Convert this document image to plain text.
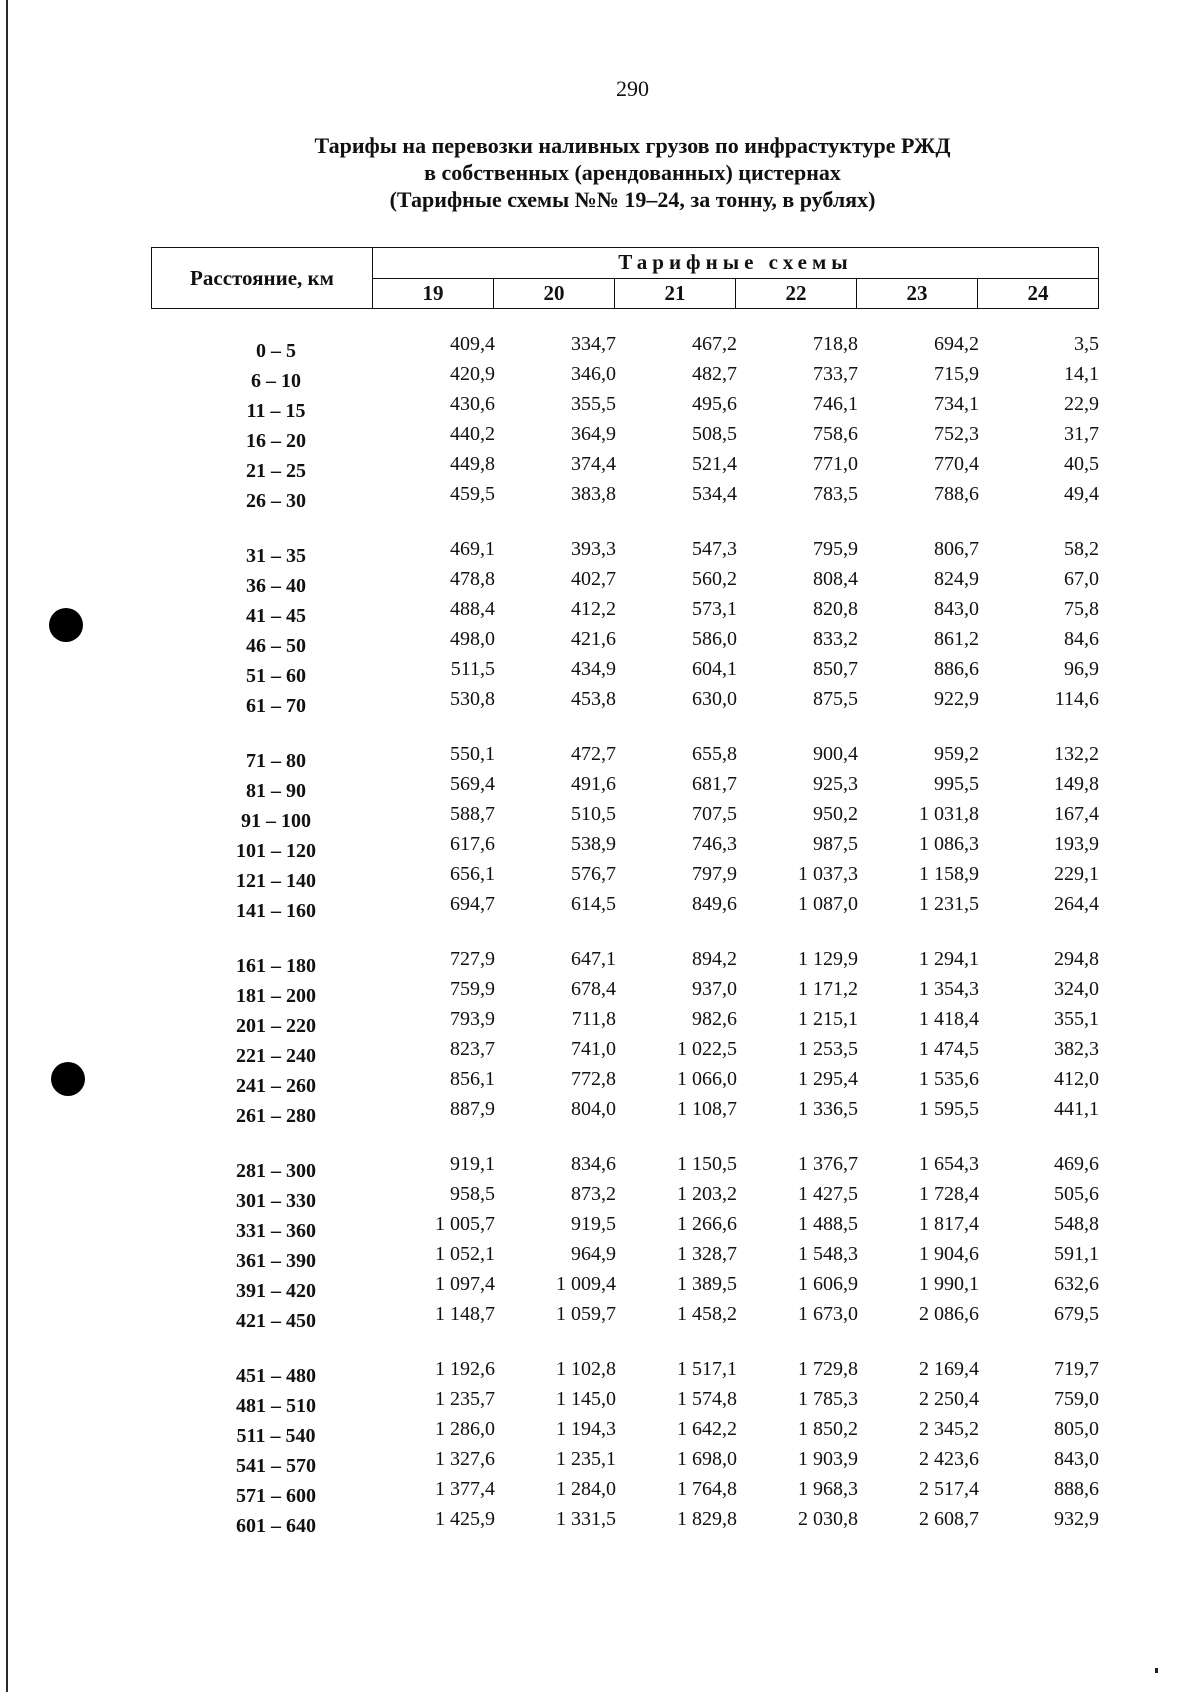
290
Тарифы на перевозки наливных грузов по инфрастуктуре РЖД
в собственных (арендованных) цистернах
(Тарифные схемы №№ 19–24, за тонну, в рублях)
Расстояние, км	Тарифные схемы					
	19	20	21	22	23	24
0 – 5	409,4	334,7	467,2	718,8	694,2	3,5
6 – 10	420,9	346,0	482,7	733,7	715,9	14,1
11 – 15	430,6	355,5	495,6	746,1	734,1	22,9
16 – 20	440,2	364,9	508,5	758,6	752,3	31,7
21 – 25	449,8	374,4	521,4	771,0	770,4	40,5
26 – 30	459,5	383,8	534,4	783,5	788,6	49,4
31 – 35	469,1	393,3	547,3	795,9	806,7	58,2
36 – 40	478,8	402,7	560,2	808,4	824,9	67,0
41 – 45	488,4	412,2	573,1	820,8	843,0	75,8
46 – 50	498,0	421,6	586,0	833,2	861,2	84,6
51 – 60	511,5	434,9	604,1	850,7	886,6	96,9
61 – 70	530,8	453,8	630,0	875,5	922,9	114,6
71 – 80	550,1	472,7	655,8	900,4	959,2	132,2
81 – 90	569,4	491,6	681,7	925,3	995,5	149,8
91 – 100	588,7	510,5	707,5	950,2	1 031,8	167,4
101 – 120	617,6	538,9	746,3	987,5	1 086,3	193,9
121 – 140	656,1	576,7	797,9	1 037,3	1 158,9	229,1
141 – 160	694,7	614,5	849,6	1 087,0	1 231,5	264,4
161 – 180	727,9	647,1	894,2	1 129,9	1 294,1	294,8
181 – 200	759,9	678,4	937,0	1 171,2	1 354,3	324,0
201 – 220	793,9	711,8	982,6	1 215,1	1 418,4	355,1
221 – 240	823,7	741,0	1 022,5	1 253,5	1 474,5	382,3
241 – 260	856,1	772,8	1 066,0	1 295,4	1 535,6	412,0
261 – 280	887,9	804,0	1 108,7	1 336,5	1 595,5	441,1
281 – 300	919,1	834,6	1 150,5	1 376,7	1 654,3	469,6
301 – 330	958,5	873,2	1 203,2	1 427,5	1 728,4	505,6
331 – 360	1 005,7	919,5	1 266,6	1 488,5	1 817,4	548,8
361 – 390	1 052,1	964,9	1 328,7	1 548,3	1 904,6	591,1
391 – 420	1 097,4	1 009,4	1 389,5	1 606,9	1 990,1	632,6
421 – 450	1 148,7	1 059,7	1 458,2	1 673,0	2 086,6	679,5
451 – 480	1 192,6	1 102,8	1 517,1	1 729,8	2 169,4	719,7
481 – 510	1 235,7	1 145,0	1 574,8	1 785,3	2 250,4	759,0
511 – 540	1 286,0	1 194,3	1 642,2	1 850,2	2 345,2	805,0
541 – 570	1 327,6	1 235,1	1 698,0	1 903,9	2 423,6	843,0
571 – 600	1 377,4	1 284,0	1 764,8	1 968,3	2 517,4	888,6
601 – 640	1 425,9	1 331,5	1 829,8	2 030,8	2 608,7	932,9
